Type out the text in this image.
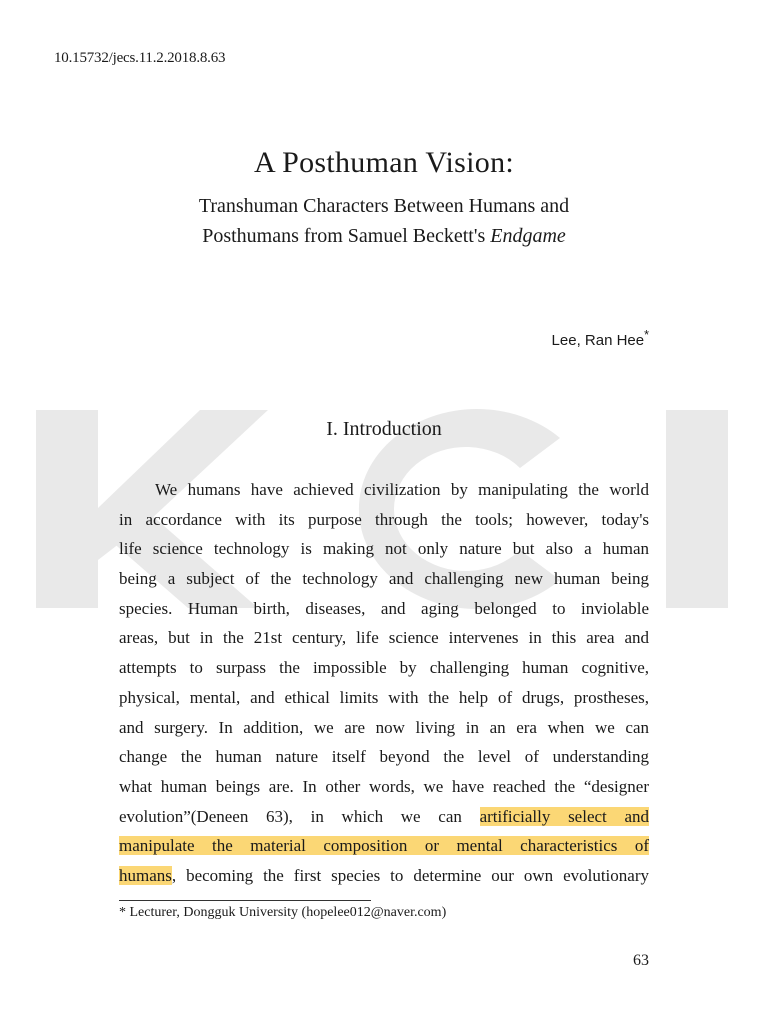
10.15732/jecs.11.2.2018.8.63
A Posthuman Vision:
Transhuman Characters Between Humans and
Posthumans from Samuel Beckett's Endgame
Lee, Ran Hee*
I. Introduction
We humans have achieved civilization by manipulating the world
in accordance with its purpose through the tools; however, today's
life science technology is making not only nature but also a human
being a subject of the technology and challenging new human being
species. Human birth, diseases, and aging belonged to inviolable
areas, but in the 21st century, life science intervenes in this area and
attempts to surpass the impossible by challenging human cognitive,
physical, mental, and ethical limits with the help of drugs, prostheses,
and surgery. In addition, we are now living in an era when we can
change the human nature itself beyond the level of understanding
what human beings are. In other words, we have reached the “designer
evolution”(Deneen 63), in which we can artificially select and
manipulate the material composition or mental characteristics of
humans, becoming the first species to determine our own evolutionary
* Lecturer, Dongguk University (hopelee012@naver.com)
63
